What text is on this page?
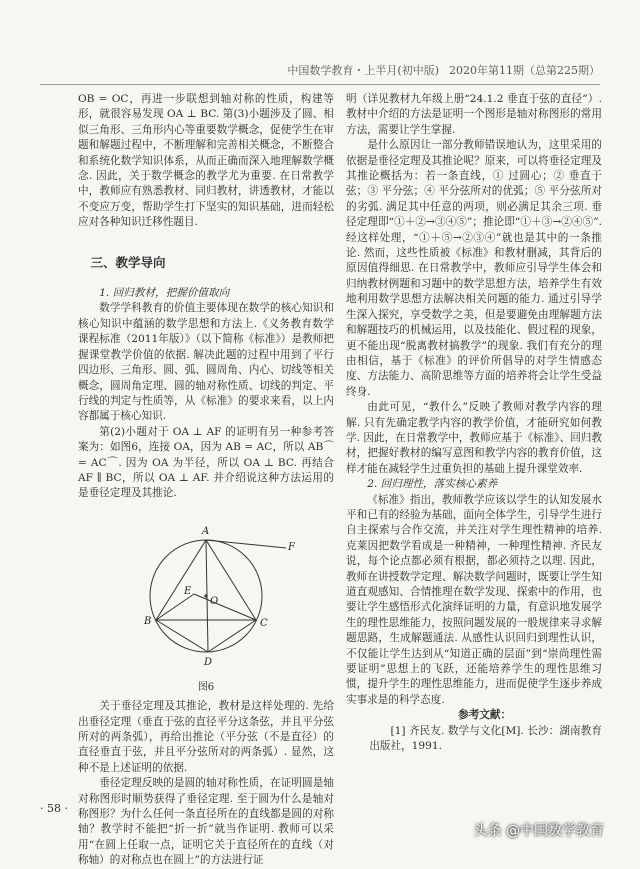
中国数学教育・上半月(初中版) 2020年第11期（总第225期）

OB = OC，再进一步联想到轴对称的性质，构建等形，就很容易发现 OA ⊥ BC. 第(3)小题涉及了圆、相似三角形、三角形内心等重要数学概念，促使学生在审题和解题过程中，不断理解和完善相关概念，不断整合和系统化数学知识体系，从而正确而深入地理解数学概念. 因此，关于数学概念的教学尤为重要. 在日常教学中，教师应有熟悉教材、同归教材，讲透教材，才能以不变应万变，帮助学生打下坚实的知识基础，进而轻松应对各种知识迁移性题目.

三、教学导向

1. 回归教材，把握价值取向

数学学科教育的价值主要体现在数学的核心知识和核心知识中蕴涵的数学思想和方法上.《义务教育数学课程标准（2011年版）》（以下简称《标准》）是教师把握课堂教学价值的依据. 解决此题的过程中用到了平行四边形、三角形、圆、弧、圆周角、内心、切线等相关概念，圆周角定理、圆的轴对称性质、切线的判定、平行线的判定与性质等，从《标准》的要求来看，以上内容都属于核心知识.

第(2)小题对于 OA ⊥ AF 的证明有另一种参考答案为：如图6，连接 OA，因为 AB = AC，所以 AB⌒ = AC⌒. 因为 OA 为半径，所以 OA ⊥ BC. 再结合 AF ∥ BC，所以 OA ⊥ AF. 并介绍说这种方法运用的是垂径定理及其推论.

A
B	C
D
E
F
O
图6

关于垂径定理及其推论，教材是这样处理的. 先给出垂径定理（垂直于弦的直径平分这条弦，并且平分弦所对的两条弧），再给出推论（平分弦（不是直径）的直径垂直于弦，并且平分弦所对的两条弧）. 显然，这种不是上述证明的依据.

垂径定理反映的是圆的轴对称性质，在证明圆是轴对称图形时顺势获得了垂径定理. 至于圆为什么是轴对称图形？为什么任何一条直径所在的直线都是圆的对称轴？教学时不能把“折一折”就当作证明. 教师可以采用“在圆上任取一点，证明它关于直径所在的直线（对称轴）的对称点也在圆上”的方法进行证

明（详见教材九年级上册“24.1.2 垂直于弦的直径”）. 教材中介绍的方法是证明一个图形是轴对称图形的常用方法，需要让学生掌握.

是什么原因让一部分教师错误地认为，这里采用的依据是垂径定理及其推论呢？原来，可以将垂径定理及其推论概括为：若一条直线，① 过圆心；② 垂直于弦；③ 平分弦；④ 平分弦所对的优弧；⑤ 平分弦所对的劣弧. 满足其中任意的两项，则必满足其余三项. 垂径定理即“①＋②→③④⑤”；推论即“①＋③→②④⑤”. 经这样处理，“①＋⑤→②③④”就也是其中的一条推论. 然而，这些性质被《标准》和教材删减，其背后的原因值得细思. 在日常教学中，教师应引导学生体会和归纳教材例题和习题中的数学思想方法，培养学生有效地利用数学思想方法解决相关问题的能力. 通过引导学生深入探究，享受数学之美，但是要避免由理解题方法和解题技巧的机械运用，以及技能化、假过程的现象，更不能出现“脱离教材搞教学”的现象. 我们有充分的理由相信，基于《标准》的评价所倡导的对学生情感态度、方法能力、高阶思维等方面的培养将会让学生受益终身.

由此可见，“教什么”反映了教师对教学内容的理解. 只有先确定教学内容的教学价值，才能研究如何教学. 因此，在日常教学中，教师应基于《标准》、回归教材，把握好教材的编写意图和教学内容的教育价值，这样才能在减轻学生过重负担的基础上提升课堂效率.

2. 回归理性，落实核心素养

《标准》指出，教师教学应该以学生的认知发展水平和已有的经验为基础，面向全体学生，引导学生进行自主探索与合作交流，并关注对学生理性精神的培养. 克莱因把数学看成是一种精神，一种理性精神. 齐民友说，每个论点都必须有根据，都必须持之以理. 因此，教师在讲授数学定理、解决数学问题时，既要让学生知道直观感知、合情推理在数学发现、探索中的作用，也要让学生感悟形式化演绎证明的力量，有意识地发展学生的理性思维能力，按照问题发展的一般规律来寻求解题思路，生成解题通法. 从感性认识回归到理性认识，不仅能让学生达到从“知道正确的层面”到“崇尚理性需要证明”思想上的飞跃，还能培养学生的理性思维习惯，提升学生的理性思维能力，进而促使学生逐步养成实事求是的科学态度.

参考文献：

[1] 齐民友. 数学与文化[M]. 长沙：湖南教育出版社，1991.

· 58 ·
头条 @中国数学教育
